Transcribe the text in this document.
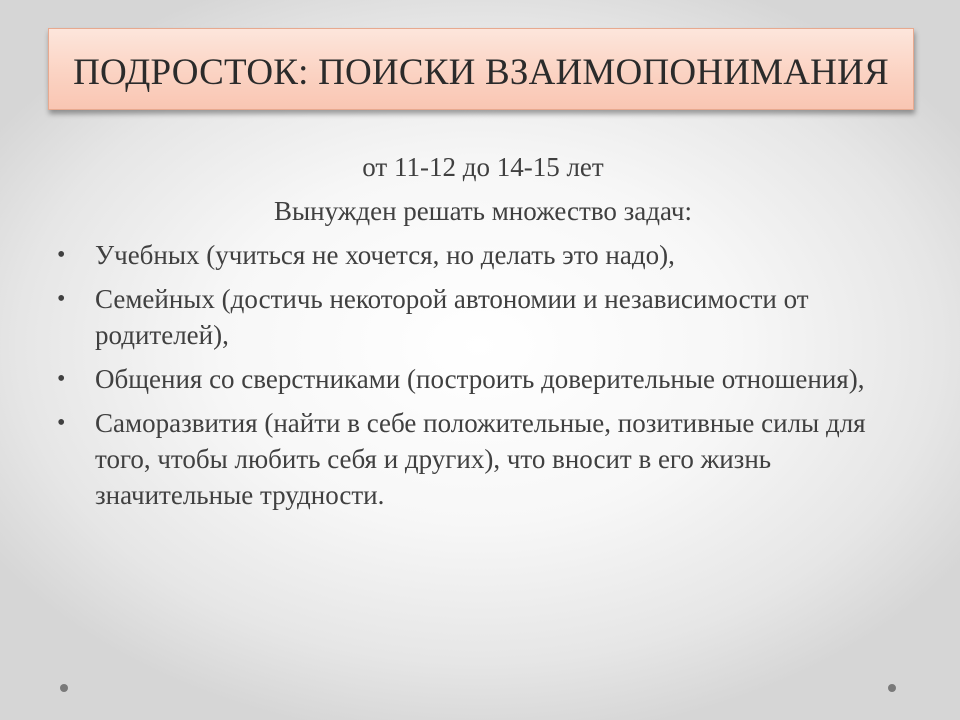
ПОДРОСТОК: ПОИСКИ ВЗАИМОПОНИМАНИЯ
от 11-12 до 14-15 лет
Вынужден решать множество задач:
• Учебных (учиться не хочется, но делать это надо),
• Семейных (достичь некоторой автономии и независимости от родителей),
• Общения со сверстниками (построить доверительные отношения),
• Саморазвития (найти в себе положительные, позитивные силы для того, чтобы любить себя и других), что вносит в его жизнь значительные трудности.
